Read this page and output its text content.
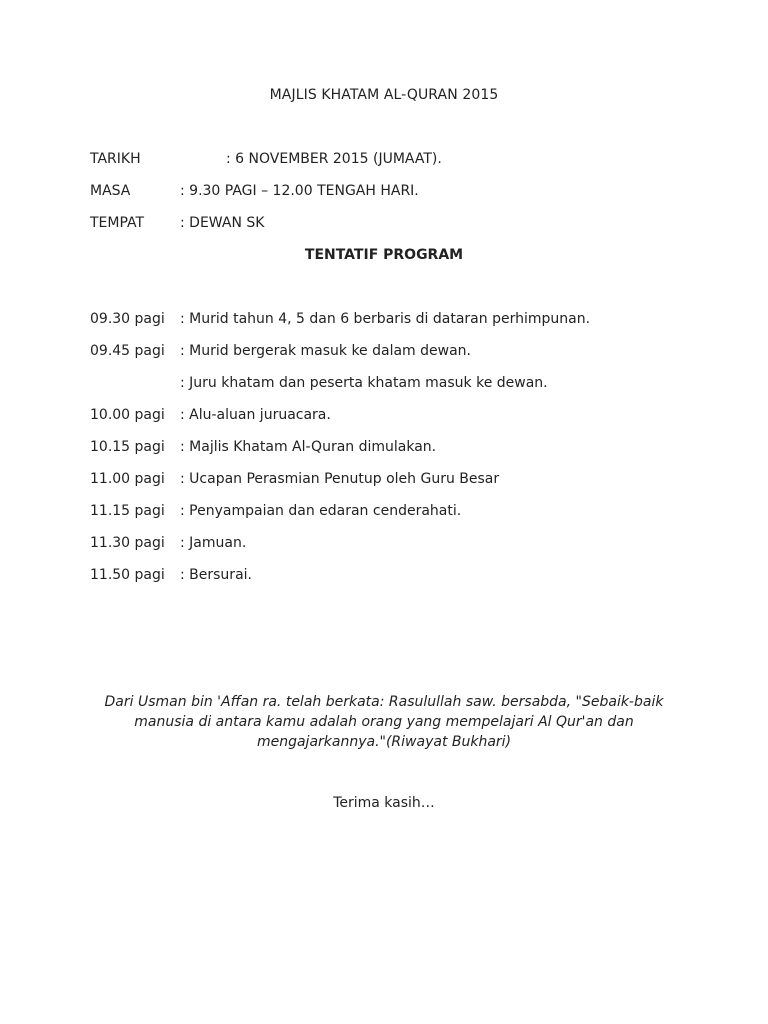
MAJLIS KHATAM AL-QURAN 2015
TARIKH	: 6 NOVEMBER 2015 (JUMAAT).
MASA	: 9.30 PAGI – 12.00 TENGAH HARI.
TEMPAT	: DEWAN SK
TENTATIF PROGRAM
09.30 pagi : Murid tahun 4, 5 dan 6 berbaris di dataran perhimpunan.
09.45 pagi : Murid bergerak masuk ke dalam dewan.
: Juru khatam dan peserta khatam masuk ke dewan.
10.00 pagi : Alu-aluan juruacara.
10.15 pagi : Majlis Khatam Al-Quran dimulakan.
11.00 pagi : Ucapan Perasmian Penutup oleh Guru Besar
11.15 pagi : Penyampaian dan edaran cenderahati.
11.30 pagi : Jamuan.
11.50 pagi : Bersurai.
Dari Usman bin 'Affan ra. telah berkata: Rasulullah saw. bersabda, "Sebaik-baik manusia di antara kamu adalah orang yang mempelajari Al Qur'an dan mengajarkannya."(Riwayat Bukhari)
Terima kasih…
